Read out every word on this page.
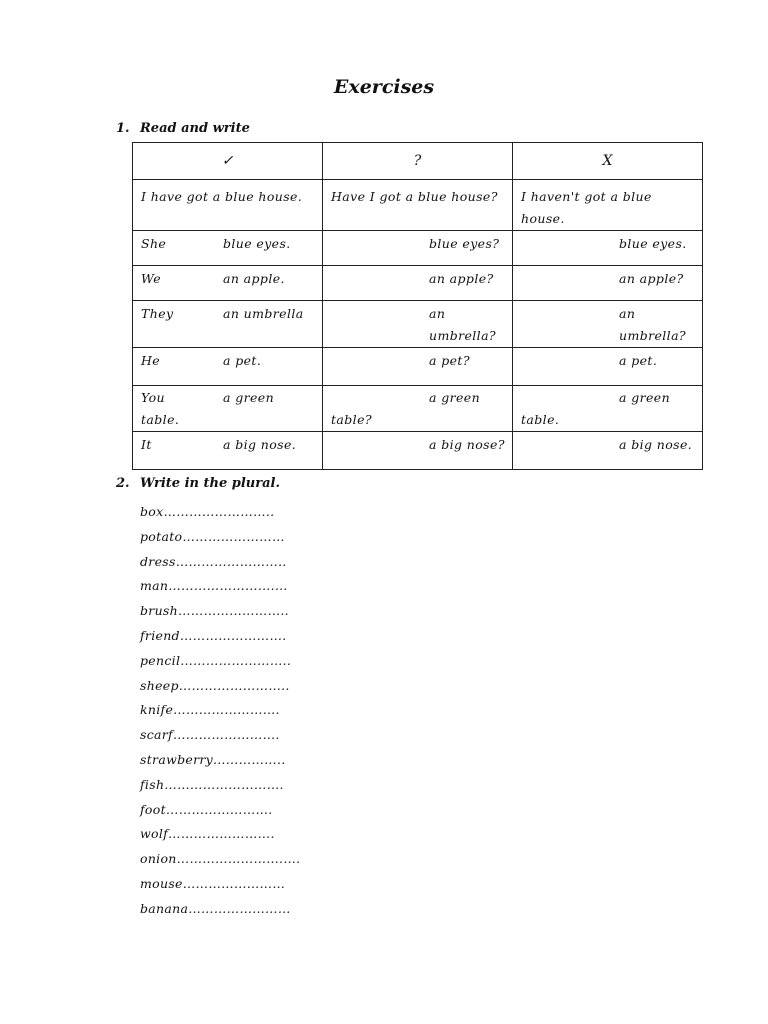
Exercises
1. Read and write
✓	?	X

I have got a blue house.	Have I got a blue house?	I haven't got a blue house.

She blue eyes.	blue eyes?	blue eyes.

We an apple.	an apple?	an apple?

They an umbrella	an umbrella?	an umbrella?

He a pet.	a pet?	a pet.

You a green
table.	a green
table?	a green
table.

It a big nose.	a big nose?	a big nose.
2. Write in the plural.
box……………………..
potato……………………
dress……………………..
man…………………….…
brush……………………..
friend…………………….
pencil……………………..
sheep……………………..
knife…………………….
scarf…………………….
strawberry……………..
fish……………………….
foot…………………….
wolf…………………….
onion…………………….….
mouse……………………
banana……………………
